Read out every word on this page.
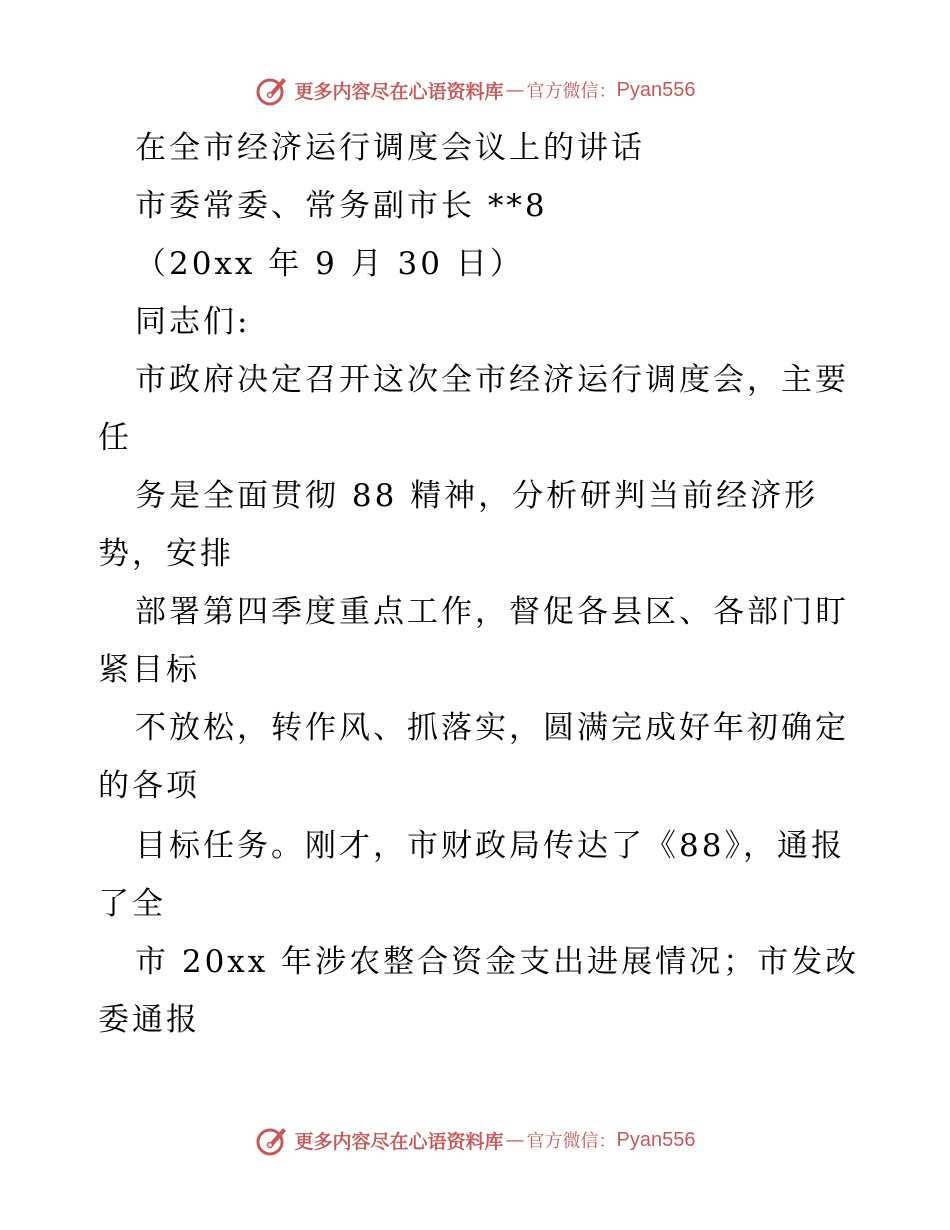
更多内容尽在心语资料库 — 官方微信： Pyan556
在全市经济运行调度会议上的讲话
市委常委、常务副市长 **8
（20xx 年 9 月 30 日）
同志们:
市政府决定召开这次全市经济运行调度会，主要
任
务是全面贯彻 88 精神，分析研判当前经济形
势，安排
部署第四季度重点工作，督促各县区、各部门盯
紧目标
不放松，转作风、抓落实，圆满完成好年初确定
的各项
目标任务。刚才，市财政局传达了《88》，通报
了全
市 20xx 年涉农整合资金支出进展情况；市发改
委通报
更多内容尽在心语资料库 — 官方微信： Pyan556
